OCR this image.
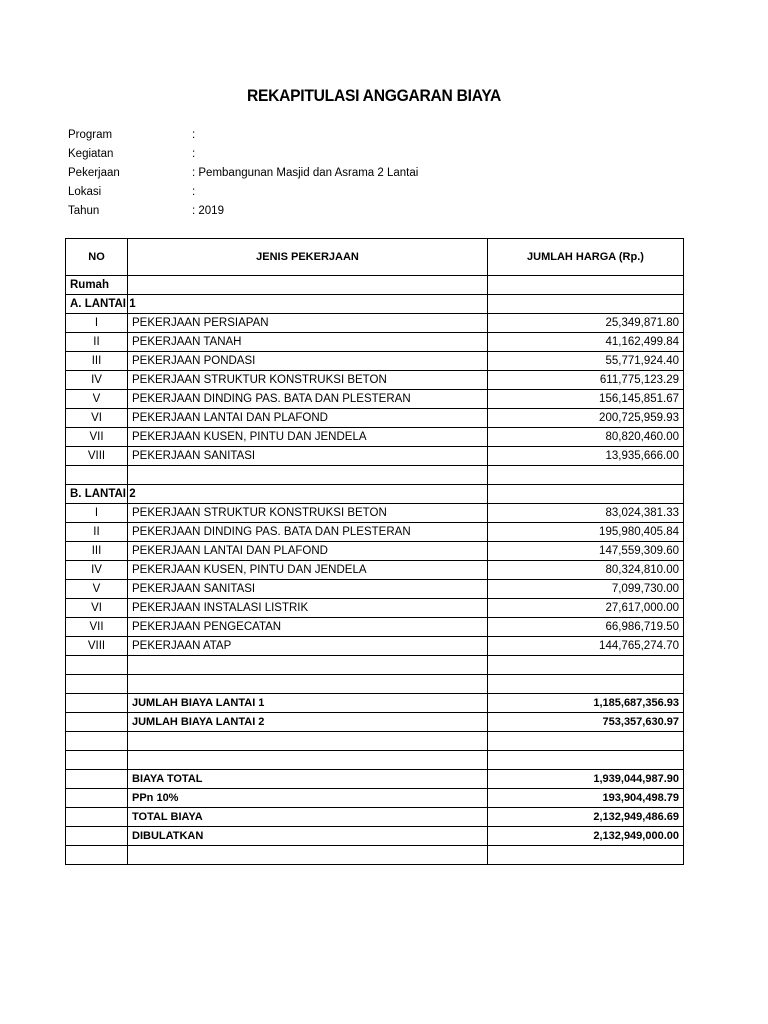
REKAPITULASI ANGGARAN BIAYA
Program	:
Kegiatan	:
Pekerjaan	: Pembangunan Masjid dan Asrama 2 Lantai
Lokasi	:
Tahun	: 2019
NO	JENIS PEKERJAAN	JUMLAH HARGA (Rp.)
Rumah		
A. LANTAI 1		
I	PEKERJAAN PERSIAPAN	25,349,871.80
II	PEKERJAAN TANAH	41,162,499.84
III	PEKERJAAN PONDASI	55,771,924.40
IV	PEKERJAAN STRUKTUR KONSTRUKSI BETON	611,775,123.29
V	PEKERJAAN DINDING PAS. BATA DAN PLESTERAN	156,145,851.67
VI	PEKERJAAN LANTAI DAN PLAFOND	200,725,959.93
VII	PEKERJAAN KUSEN, PINTU DAN JENDELA	80,820,460.00
VIII	PEKERJAAN SANITASI	13,935,666.00

B. LANTAI 2		
I	PEKERJAAN STRUKTUR KONSTRUKSI BETON	83,024,381.33
II	PEKERJAAN DINDING PAS. BATA DAN PLESTERAN	195,980,405.84
III	PEKERJAAN LANTAI DAN PLAFOND	147,559,309.60
IV	PEKERJAAN KUSEN, PINTU DAN JENDELA	80,324,810.00
V	PEKERJAAN SANITASI	7,099,730.00
VI	PEKERJAAN INSTALASI LISTRIK	27,617,000.00
VII	PEKERJAAN PENGECATAN	66,986,719.50
VIII	PEKERJAAN ATAP	144,765,274.70

	JUMLAH BIAYA LANTAI 1	1,185,687,356.93
	JUMLAH BIAYA LANTAI 2	753,357,630.97

	BIAYA TOTAL	1,939,044,987.90
	PPn 10%	193,904,498.79
	TOTAL BIAYA	2,132,949,486.69
	DIBULATKAN	2,132,949,000.00
